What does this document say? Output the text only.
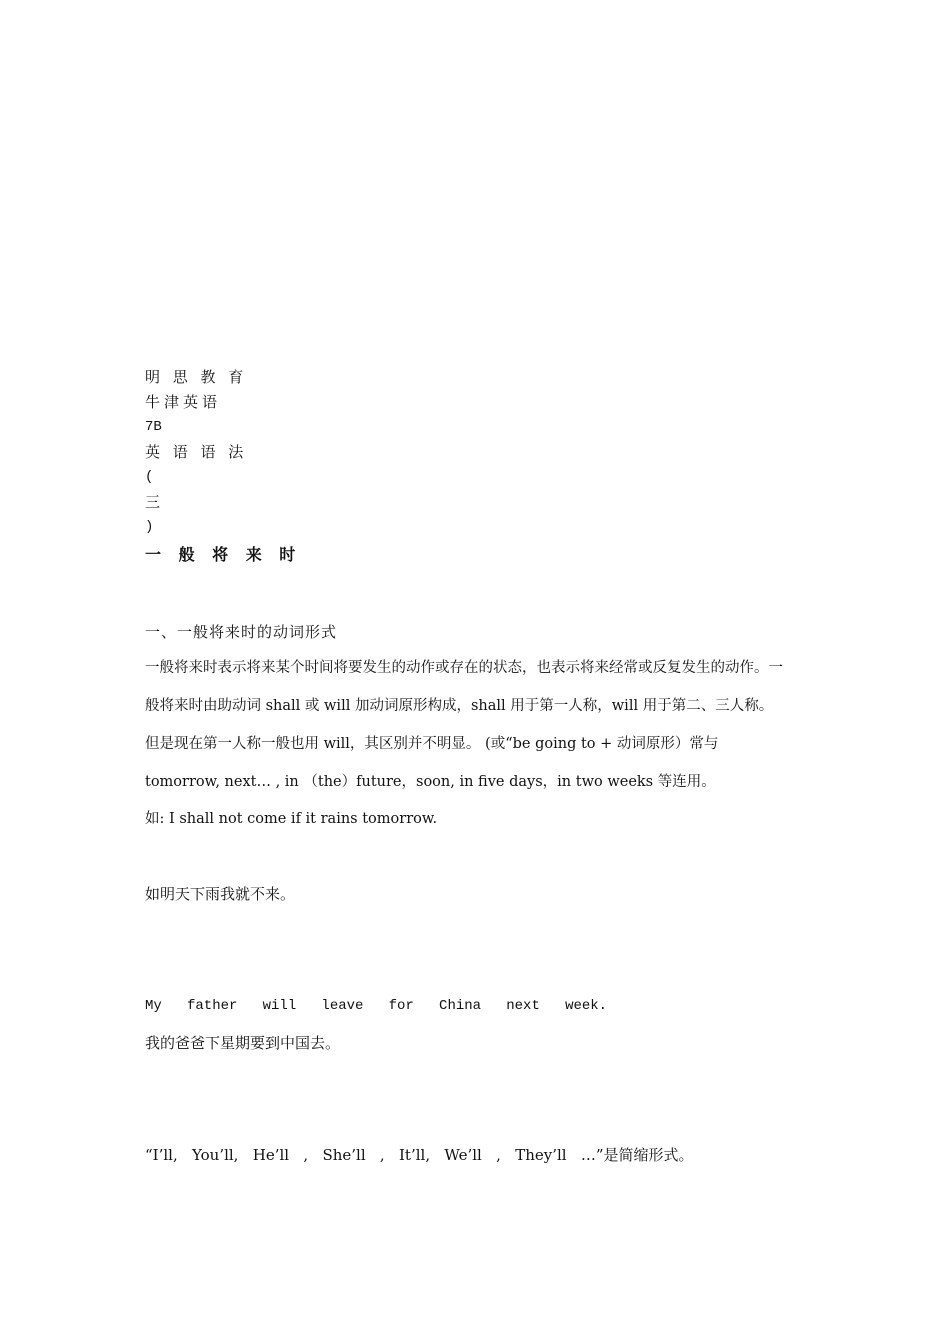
明 思 教 育
牛津英语
7B
英 语 语 法
(
三
)
一 般 将 来 时
一、一般将来时的动词形式
一般将来时表示将来某个时间将要发生的动作或存在的状态，也表示将来经常或反复发生的动作。一
般将来时由助动词 shall 或 will 加动词原形构成，shall 用于第一人称，will 用于第二、三人称。
但是现在第一人称一般也用 will，其区别并不明显。 (或“be going to + 动词原形）常与
tomorrow, next… , in （the）future，soon, in five days，in two weeks 等连用。
如: I shall not come if it rains tomorrow.
如明天下雨我就不来。
My   father   will   leave   for   China   next   week.
我的爸爸下星期要到中国去。
“I’ll,   You’ll,   He’ll   ,   She’ll   ,   It’ll,   We’ll   ,   They’ll   …”是简缩形式。
